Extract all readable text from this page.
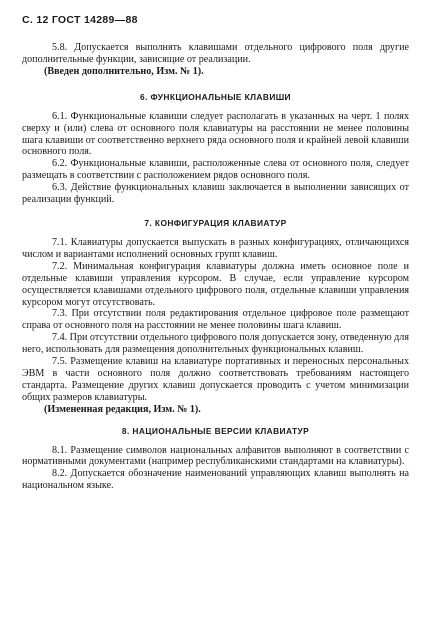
С. 12 ГОСТ 14289—88

5.8. Допускается выполнять клавишами отдельного цифрового поля другие дополнительные функции, зависящие от реализации.

(Введен дополнительно, Изм. № 1).

6. ФУНКЦИОНАЛЬНЫЕ КЛАВИШИ

6.1. Функциональные клавиши следует располагать в указанных на черт. 1 полях сверху и (или) слева от основного поля клавиатуры на расстоянии не менее половины шага клавиши от соответственно верхнего ряда основного поля и крайней левой клавиши основного поля.

6.2. Функциональные клавиши, расположенные слева от основного поля, следует размещать в соответствии с расположением рядов основного поля.

6.3. Действие функциональных клавиш заключается в выполнении зависящих от реализации функций.

7. КОНФИГУРАЦИЯ КЛАВИАТУР

7.1. Клавиатуры допускается выпускать в разных конфигурациях, отличающихся числом и вариантами исполнений основных групп клавиш.

7.2. Минимальная конфигурация клавиатуры должна иметь основное поле и отдельные клавиши управления курсором. В случае, если управление курсором осуществляется клавишами отдельного цифрового поля, отдельные клавиши управления курсором могут отсутствовать.

7.3. При отсутствии поля редактирования отдельное цифровое поле размещают справа от основного поля на расстоянии не менее половины шага клавиш.

7.4. При отсутствии отдельного цифрового поля допускается зону, отведенную для него, использовать для размещения дополнительных функциональных клавиш.

7.5. Размещение клавиш на клавиатуре портативных и переносных персональных ЭВМ в части основного поля должно соответствовать требованиям настоящего стандарта. Размещение других клавиш допускается проводить с учетом минимизации общих размеров клавиатуры.

(Измененная редакция, Изм. № 1).

8. НАЦИОНАЛЬНЫЕ ВЕРСИИ КЛАВИАТУР

8.1. Размещение символов национальных алфавитов выполняют в соответствии с нормативными документами (например республиканскими стандартами на клавиатуры).

8.2. Допускается обозначение наименований управляющих клавиш выполнять на национальном языке.
